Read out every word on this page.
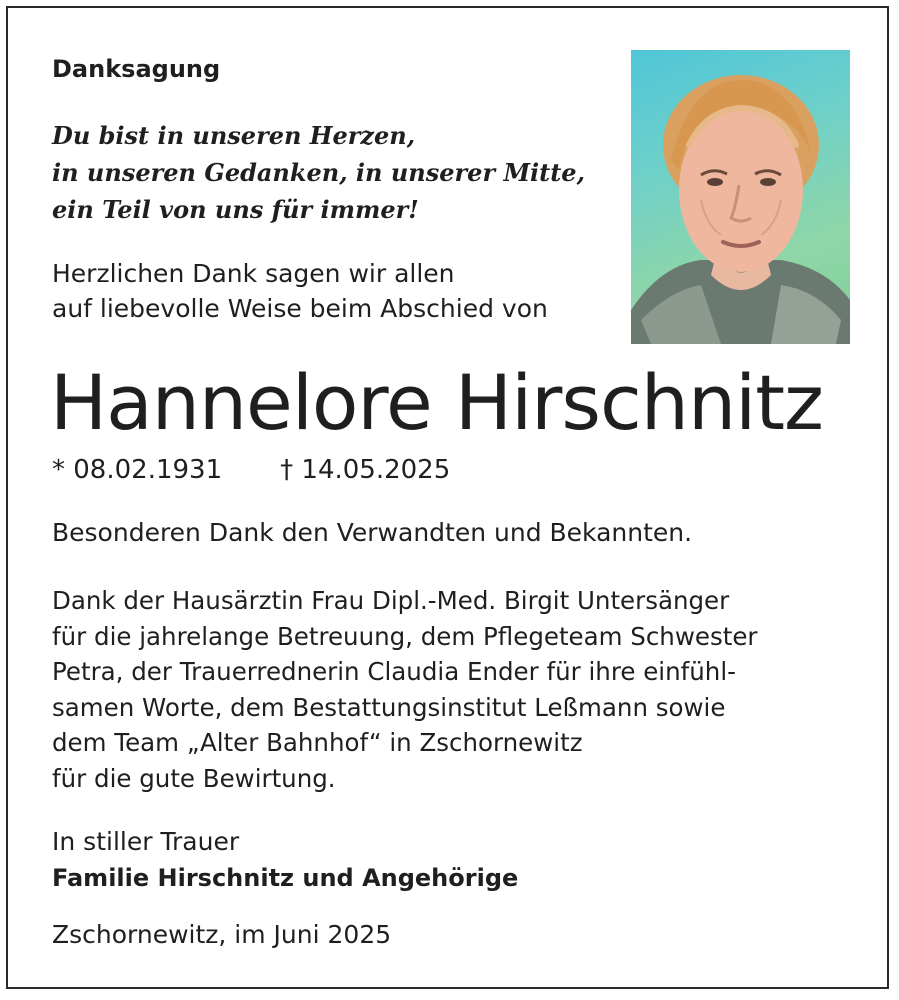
Danksagung
Du bist in unseren Herzen,
in unseren Gedanken, in unserer Mitte,
ein Teil von uns für immer!
Herzlichen Dank sagen wir allen
auf liebevolle Weise beim Abschied von
Hannelore Hirschnitz
* 08.02.1931 † 14.05.2025
Besonderen Dank den Verwandten und Bekannten.
Dank der Hausärztin Frau Dipl.-Med. Birgit Untersänger
für die jahrelange Betreuung, dem Pflegeteam Schwester
Petra, der Trauerrednerin Claudia Ender für ihre einfühl-
samen Worte, dem Bestattungsinstitut Leßmann sowie
dem Team „Alter Bahnhof“ in Zschornewitz
für die gute Bewirtung.
In stiller Trauer
Familie Hirschnitz und Angehörige
Zschornewitz, im Juni 2025
